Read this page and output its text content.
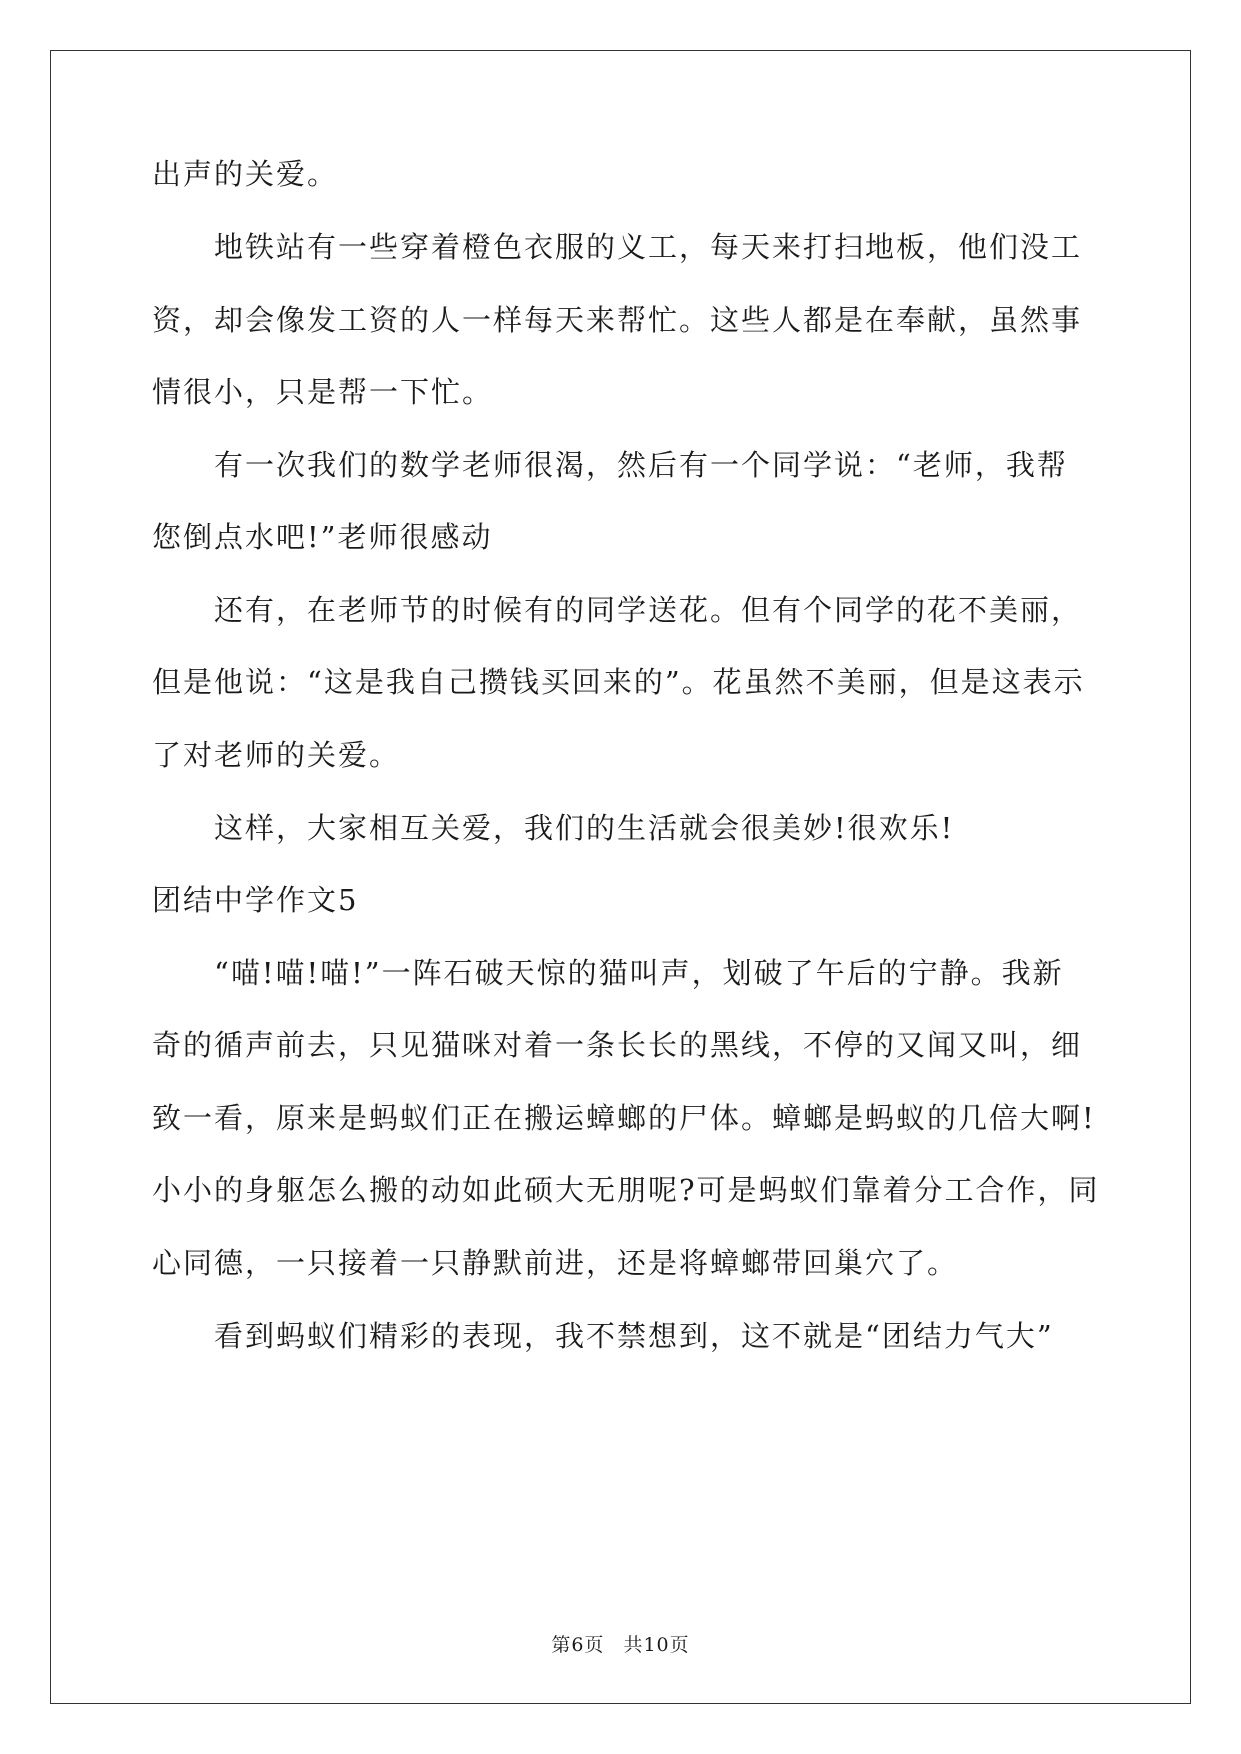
出声的关爱。

　　地铁站有一些穿着橙色衣服的义工，每天来打扫地板，他们没工

资，却会像发工资的人一样每天来帮忙。这些人都是在奉献，虽然事

情很小，只是帮一下忙。

　　有一次我们的数学老师很渴，然后有一个同学说：“老师，我帮

您倒点水吧!”老师很感动

　　还有，在老师节的时候有的同学送花。但有个同学的花不美丽，

但是他说：“这是我自己攒钱买回来的”。花虽然不美丽，但是这表示

了对老师的关爱。

　　这样，大家相互关爱，我们的生活就会很美妙!很欢乐!

团结中学作文5

　　“喵!喵!喵!”一阵石破天惊的猫叫声，划破了午后的宁静。我新

奇的循声前去，只见猫咪对着一条长长的黑线，不停的又闻又叫，细

致一看，原来是蚂蚁们正在搬运蟑螂的尸体。蟑螂是蚂蚁的几倍大啊!

小小的身躯怎么搬的动如此硕大无朋呢?可是蚂蚁们靠着分工合作，同

心同德，一只接着一只静默前进，还是将蟑螂带回巢穴了。

　　看到蚂蚁们精彩的表现，我不禁想到，这不就是“团结力气大”

第6页 共10页
